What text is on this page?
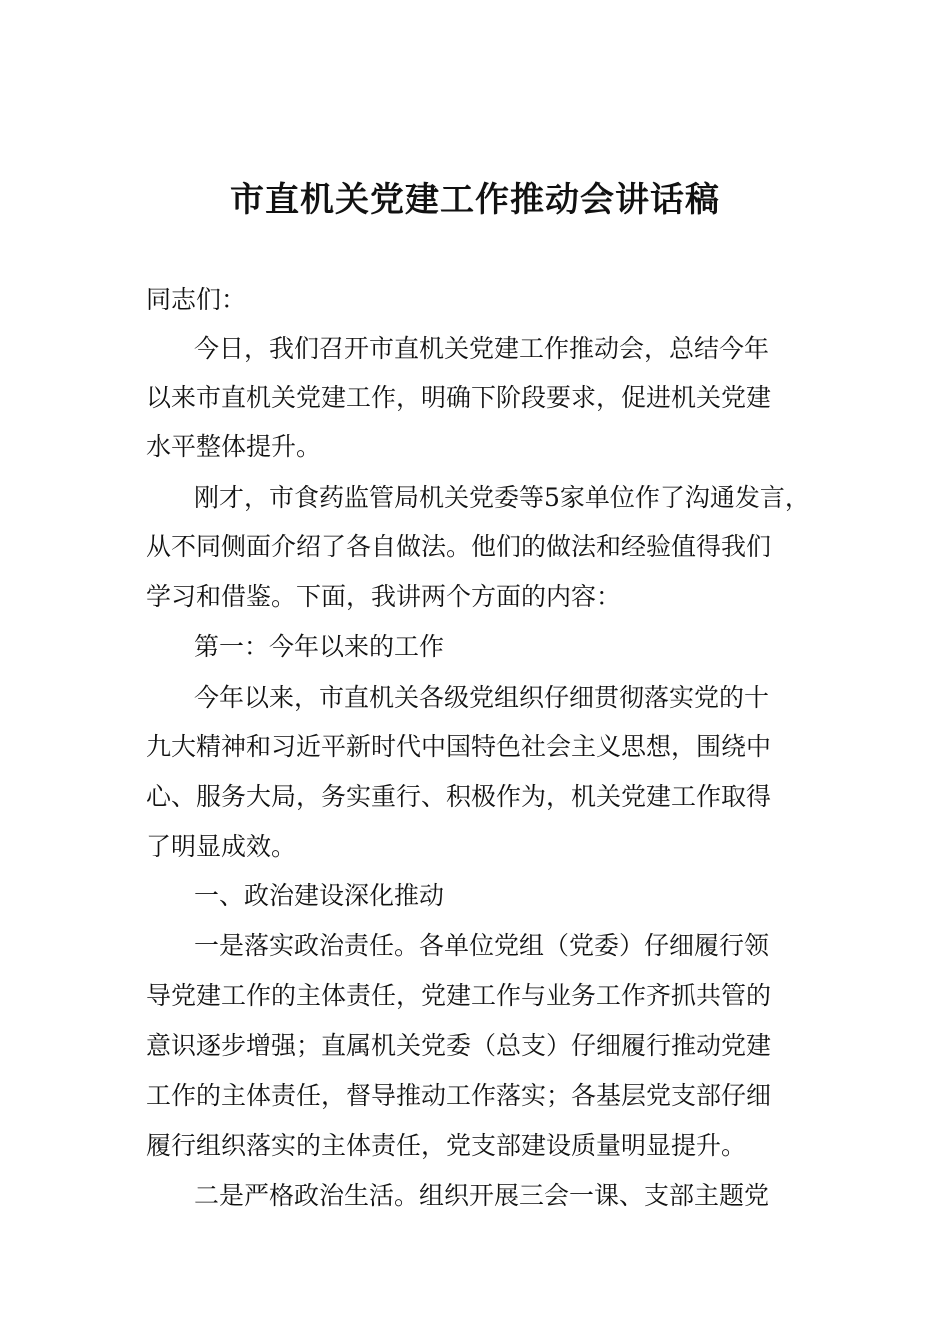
市直机关党建工作推动会讲话稿
同志们：
今日，我们召开市直机关党建工作推动会，总结今年
以来市直机关党建工作，明确下阶段要求，促进机关党建
水平整体提升。
刚才，市食药监管局机关党委等5家单位作了沟通发言，
从不同侧面介绍了各自做法。他们的做法和经验值得我们
学习和借鉴。下面，我讲两个方面的内容：
第一：今年以来的工作
今年以来，市直机关各级党组织仔细贯彻落实党的十
九大精神和习近平新时代中国特色社会主义思想，围绕中
心、服务大局，务实重行、积极作为，机关党建工作取得
了明显成效。
一、政治建设深化推动
一是落实政治责任。各单位党组（党委）仔细履行领
导党建工作的主体责任，党建工作与业务工作齐抓共管的
意识逐步增强；直属机关党委（总支）仔细履行推动党建
工作的主体责任，督导推动工作落实；各基层党支部仔细
履行组织落实的主体责任，党支部建设质量明显提升。
二是严格政治生活。组织开展三会一课、支部主题党
